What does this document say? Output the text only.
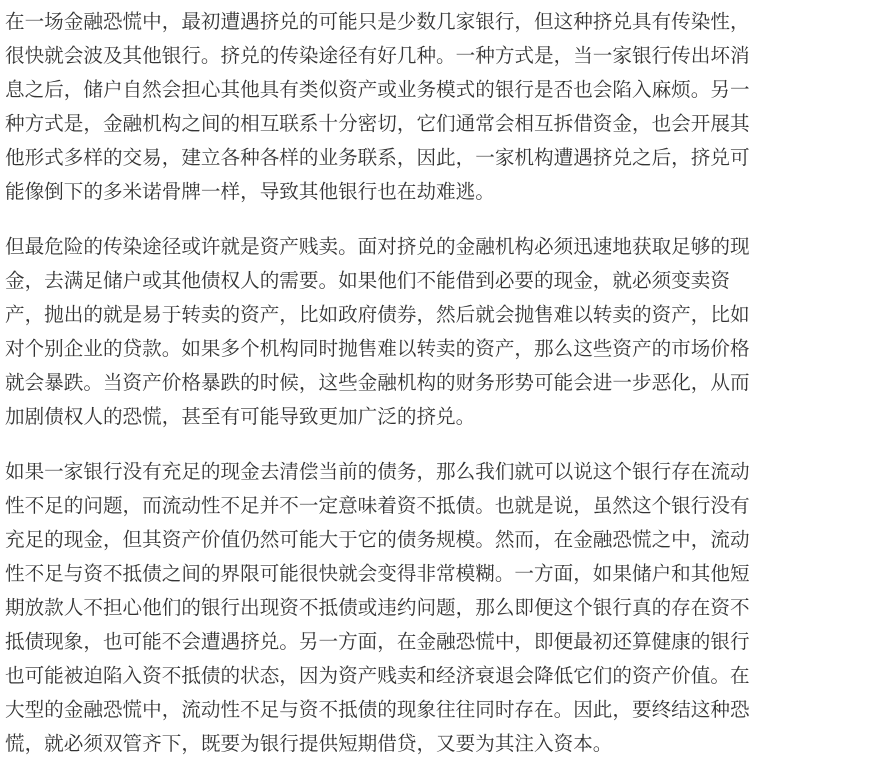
在一场金融恐慌中，最初遭遇挤兑的可能只是少数几家银行，但这种挤兑具有传染性，
很快就会波及其他银行。挤兑的传染途径有好几种。一种方式是，当一家银行传出坏消
息之后，储户自然会担心其他具有类似资产或业务模式的银行是否也会陷入麻烦。另一
种方式是，金融机构之间的相互联系十分密切，它们通常会相互拆借资金，也会开展其
他形式多样的交易，建立各种各样的业务联系，因此，一家机构遭遇挤兑之后，挤兑可
能像倒下的多米诺骨牌一样，导致其他银行也在劫难逃。
但最危险的传染途径或许就是资产贱卖。面对挤兑的金融机构必须迅速地获取足够的现
金，去满足储户或其他债权人的需要。如果他们不能借到必要的现金，就必须变卖资
产，抛出的就是易于转卖的资产，比如政府债券，然后就会抛售难以转卖的资产，比如
对个别企业的贷款。如果多个机构同时抛售难以转卖的资产，那么这些资产的市场价格
就会暴跌。当资产价格暴跌的时候，这些金融机构的财务形势可能会进一步恶化，从而
加剧债权人的恐慌，甚至有可能导致更加广泛的挤兑。
如果一家银行没有充足的现金去清偿当前的债务，那么我们就可以说这个银行存在流动
性不足的问题，而流动性不足并不一定意味着资不抵债。也就是说，虽然这个银行没有
充足的现金，但其资产价值仍然可能大于它的债务规模。然而，在金融恐慌之中，流动
性不足与资不抵债之间的界限可能很快就会变得非常模糊。一方面，如果储户和其他短
期放款人不担心他们的银行出现资不抵债或违约问题，那么即便这个银行真的存在资不
抵债现象，也可能不会遭遇挤兑。另一方面，在金融恐慌中，即便最初还算健康的银行
也可能被迫陷入资不抵债的状态，因为资产贱卖和经济衰退会降低它们的资产价值。在
大型的金融恐慌中，流动性不足与资不抵债的现象往往同时存在。因此，要终结这种恐
慌，就必须双管齐下，既要为银行提供短期借贷，又要为其注入资本。
